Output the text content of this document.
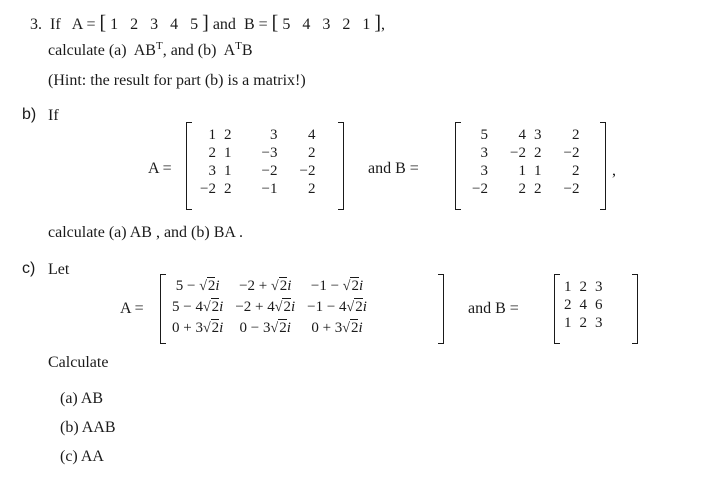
3. If A = [ 1 2 3 4 5 ] and B = [ 5 4 3 2 1 ],
calculate (a) $AB^T$, and (b) $A^TB$
(Hint: the result for part (b) is a matrix!)
b) If
A =
1	2	3	4
2	1	−3	2
3	1	−2	−2
−2	2	−1	2
and B =
5	4	3	2
3	−2	2	−2
3	1	1	2
−2	2	2	−2
,
calculate (a) AB , and (b) BA .
c) Let
A =
5 − √2i	−2 + √2i	−1 − √2i
5 − 4√2i	−2 + 4√2i	−1 − 4√2i
0 + 3√2i	0 − 3√2i	0 + 3√2i
and B =
1	2	3
2	4	6
1	2	3
Calculate
(a) AB
(b) AAB
(c) AA
